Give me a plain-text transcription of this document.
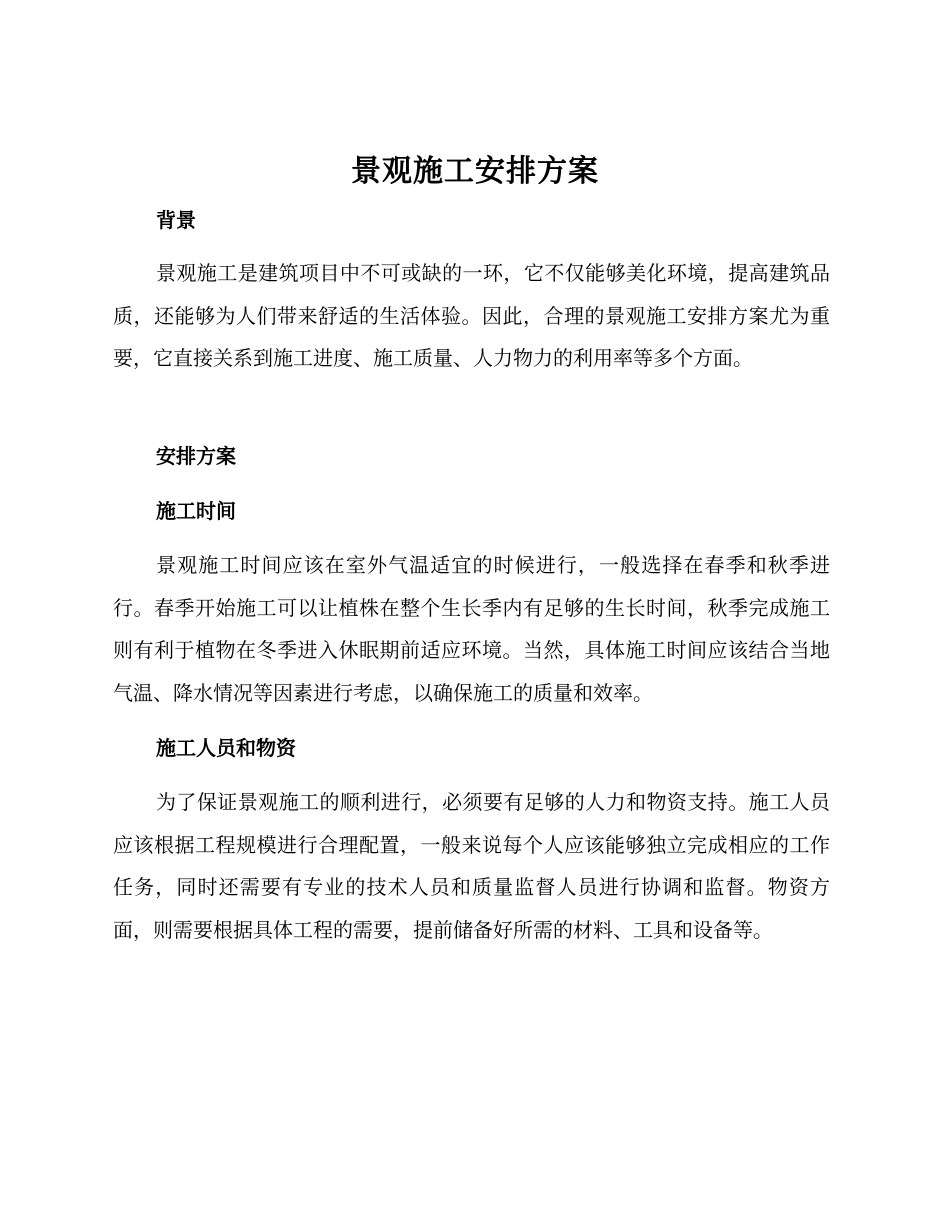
景观施工安排方案
背景
景观施工是建筑项目中不可或缺的一环，它不仅能够美化环境，提高建筑品质，还能够为人们带来舒适的生活体验。因此，合理的景观施工安排方案尤为重要，它直接关系到施工进度、施工质量、人力物力的利用率等多个方面。
安排方案
施工时间
景观施工时间应该在室外气温适宜的时候进行，一般选择在春季和秋季进行。春季开始施工可以让植株在整个生长季内有足够的生长时间，秋季完成施工则有利于植物在冬季进入休眠期前适应环境。当然，具体施工时间应该结合当地气温、降水情况等因素进行考虑，以确保施工的质量和效率。
施工人员和物资
为了保证景观施工的顺利进行，必须要有足够的人力和物资支持。施工人员应该根据工程规模进行合理配置，一般来说每个人应该能够独立完成相应的工作任务，同时还需要有专业的技术人员和质量监督人员进行协调和监督。物资方面，则需要根据具体工程的需要，提前储备好所需的材料、工具和设备等。
